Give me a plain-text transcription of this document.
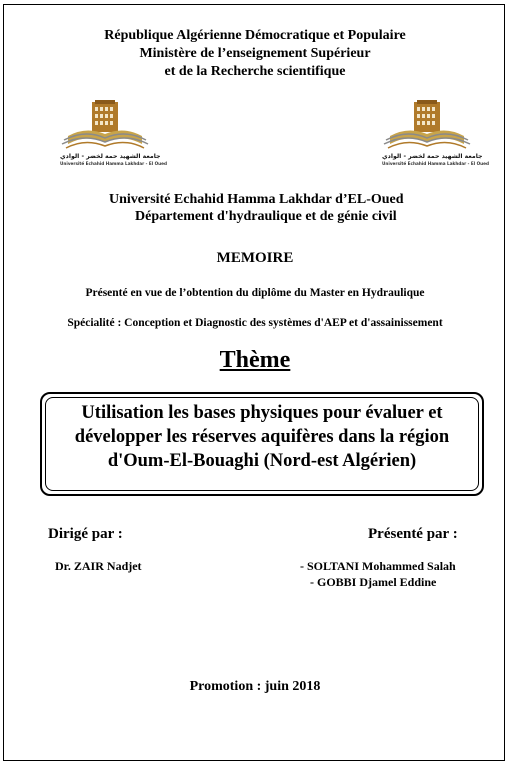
République Algérienne Démocratique et Populaire
Ministère de l’enseignement Supérieur
et de la Recherche scientifique
جامعة الشهيد حمة لخضر - الوادي
Université Echahid Hamma Lakhdar - El Oued
جامعة الشهيد حمة لخضر - الوادي
Université Echahid Hamma Lakhdar - El Oued
Université Echahid Hamma Lakhdar d’EL-Oued
Département d'hydraulique et de génie civil
MEMOIRE
Présenté en vue de l’obtention du diplôme du Master en Hydraulique
Spécialité : Conception et Diagnostic des systèmes d'AEP et d'assainissement
Thème
Utilisation les bases physiques pour évaluer et
développer les réserves aquifères dans la région
d'Oum-El-Bouaghi (Nord-est Algérien)
Dirigé par :	Présenté par :
Dr. ZAIR Nadjet	- SOLTANI Mohammed Salah
- GOBBI Djamel Eddine
Promotion : juin 2018
